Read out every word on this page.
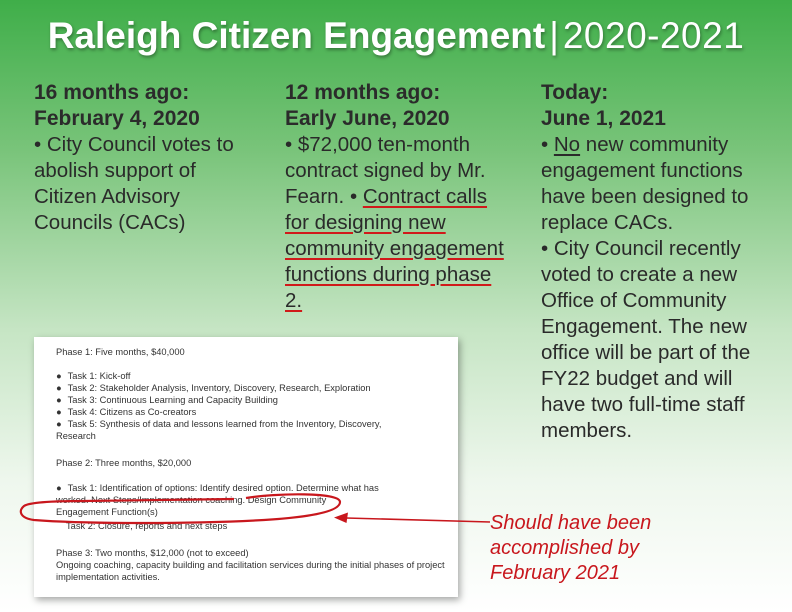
Raleigh Citizen Engagement | 2020-2021
16 months ago:
February 4, 2020
• City Council votes to abolish support of Citizen Advisory Councils (CACs)
12 months ago:
Early June, 2020
• $72,000 ten-month contract signed by Mr. Fearn. • Contract calls for designing new community engagement functions during phase 2.
Today:
June 1, 2021
• No new community engagement functions have been designed to replace CACs.
• City Council recently voted to create a new Office of Community Engagement. The new office will be part of the FY22 budget and will have two full-time staff members.
Phase 1: Five months, $40,000
● Task 1: Kick-off
● Task 2: Stakeholder Analysis, Inventory, Discovery, Research, Exploration
● Task 3: Continuous Learning and Capacity Building
● Task 4: Citizens as Co-creators
● Task 5: Synthesis of data and lessons learned from the Inventory, Discovery,
Research
Phase 2: Three months, $20,000
● Task 1: Identification of options: Identify desired option. Determine what has
worked. Next Steps/Implementation coaching. Design Community
Engagement Function(s)
Task 2: Closure, reports and next steps
Phase 3: Two months, $12,000 (not to exceed)
Ongoing coaching, capacity building and facilitation services during the initial phases of project
implementation activities.
Should have been accomplished by February 2021
